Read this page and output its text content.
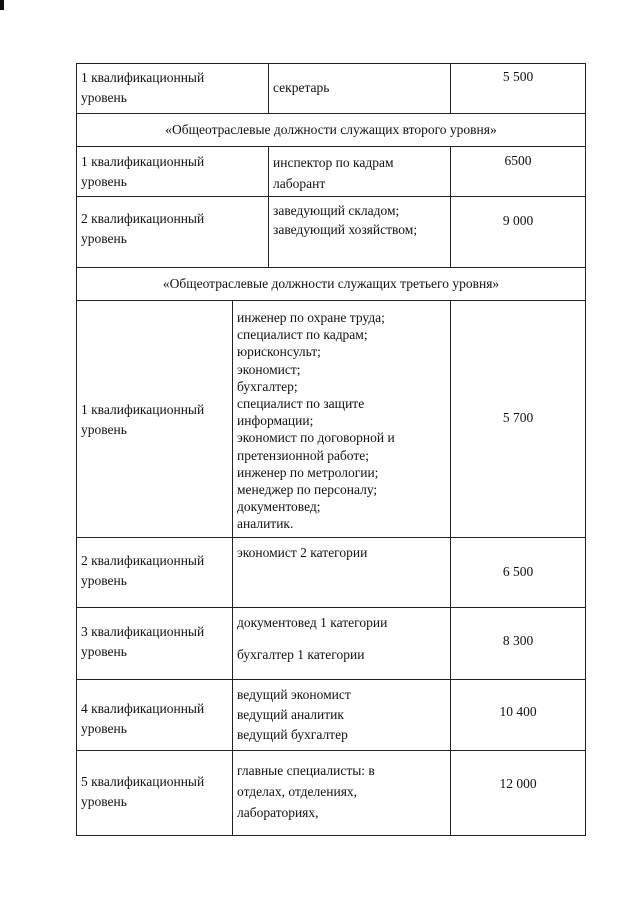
1 квалификационный
уровень
секретарь
5 500
«Общеотраслевые должности служащих второго уровня»
1 квалификационный
уровень
инспектор по кадрам
лаборант
6500
2 квалификационный
уровень
заведующий складом;
заведующий хозяйством;
9 000
«Общеотраслевые должности служащих третьего уровня»
1 квалификационный
уровень
инженер по охране труда;
специалист по кадрам;
юрисконсульт;
экономист;
бухгалтер;
специалист по защите
информации;
экономист по договорной и
претензионной работе;
инженер по метрологии;
менеджер по персоналу;
документовед;
аналитик.
5 700
2 квалификационный
уровень
экономист 2 категории
6 500
3 квалификационный
уровень
документовед 1 категории
бухгалтер 1 категории
8 300
4 квалификационный
уровень
ведущий экономист
ведущий аналитик
ведущий бухгалтер
10 400
5 квалификационный
уровень
главные специалисты: в
отделах, отделениях,
лабораториях,
12 000
